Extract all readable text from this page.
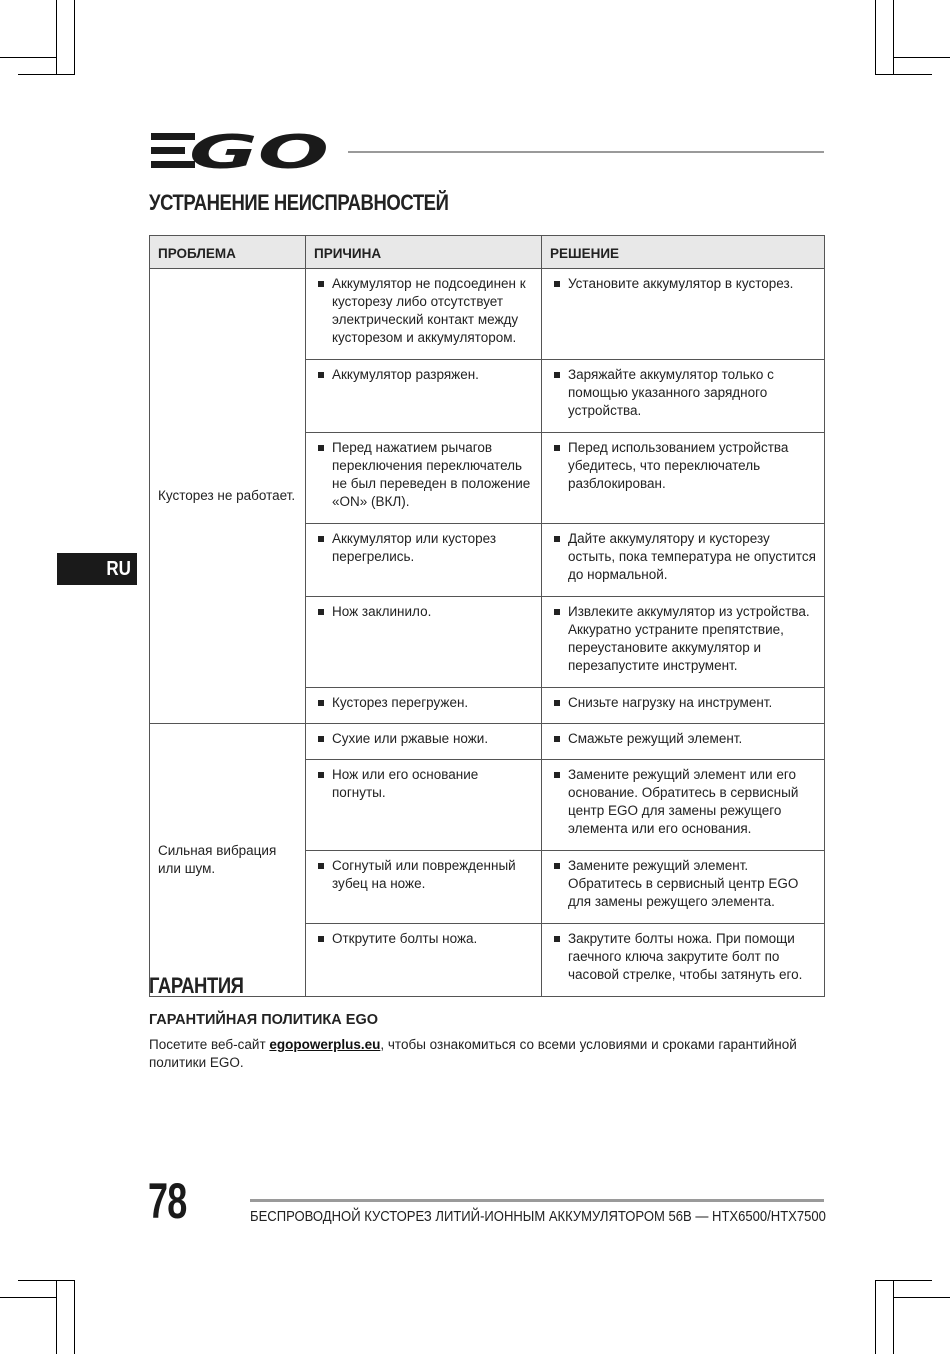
GO
УСТРАНЕНИЕ НЕИСПРАВНОСТЕЙ
ПРОБЛЕМА	ПРИЧИНА	РЕШЕНИЕ
Кусторез не работает.	Аккумулятор не подсоединен к кусторезу либо отсутствует электрический контакт между кусторезом и аккумулятором.	Установите аккумулятор в кусторез.

	Аккумулятор разряжен.	Заряжайте аккумулятор только с помощью указанного зарядного устройства.

	Перед нажатием рычагов переключения переключатель не был переведен в положение «ON» (ВКЛ).	Перед использованием устройства убедитесь, что переключатель разблокирован.

	Аккумулятор или кусторез перегрелись.	Дайте аккумулятору и кусторезу остыть, пока температура не опустится до нормальной.

	Нож заклинило.	Извлеките аккумулятор из устройства. Аккуратно устраните препятствие, переустановите аккумулятор и перезапустите инструмент.

	Кусторез перегружен.	Снизьте нагрузку на инструмент.

Сильная вибрация или шум.	Сухие или ржавые ножи.	Смажьте режущий элемент.

	Нож или его основание погнуты.	Замените режущий элемент или его основание. Обратитесь в сервисный центр EGO для замены режущего элемента или его основания.

	Согнутый или поврежденный зубец на ноже.	Замените режущий элемент. Обратитесь в сервисный центр EGO для замены режущего элемента.

	Открутите болты ножа.	Закрутите болты ножа. При помощи гаечного ключа закрутите болт по часовой стрелке, чтобы затянуть его.
RU
ГАРАНТИЯ
ГАРАНТИЙНАЯ ПОЛИТИКА EGO

Посетите веб-сайт egopowerplus.eu, чтобы ознакомиться со всеми условиями и сроками гарантийной политики EGO.

78	БЕСПРОВОДНОЙ КУСТОРЕЗ ЛИТИЙ-ИОННЫМ АККУМУЛЯТОРОМ 56В — HTX6500/HTX7500
